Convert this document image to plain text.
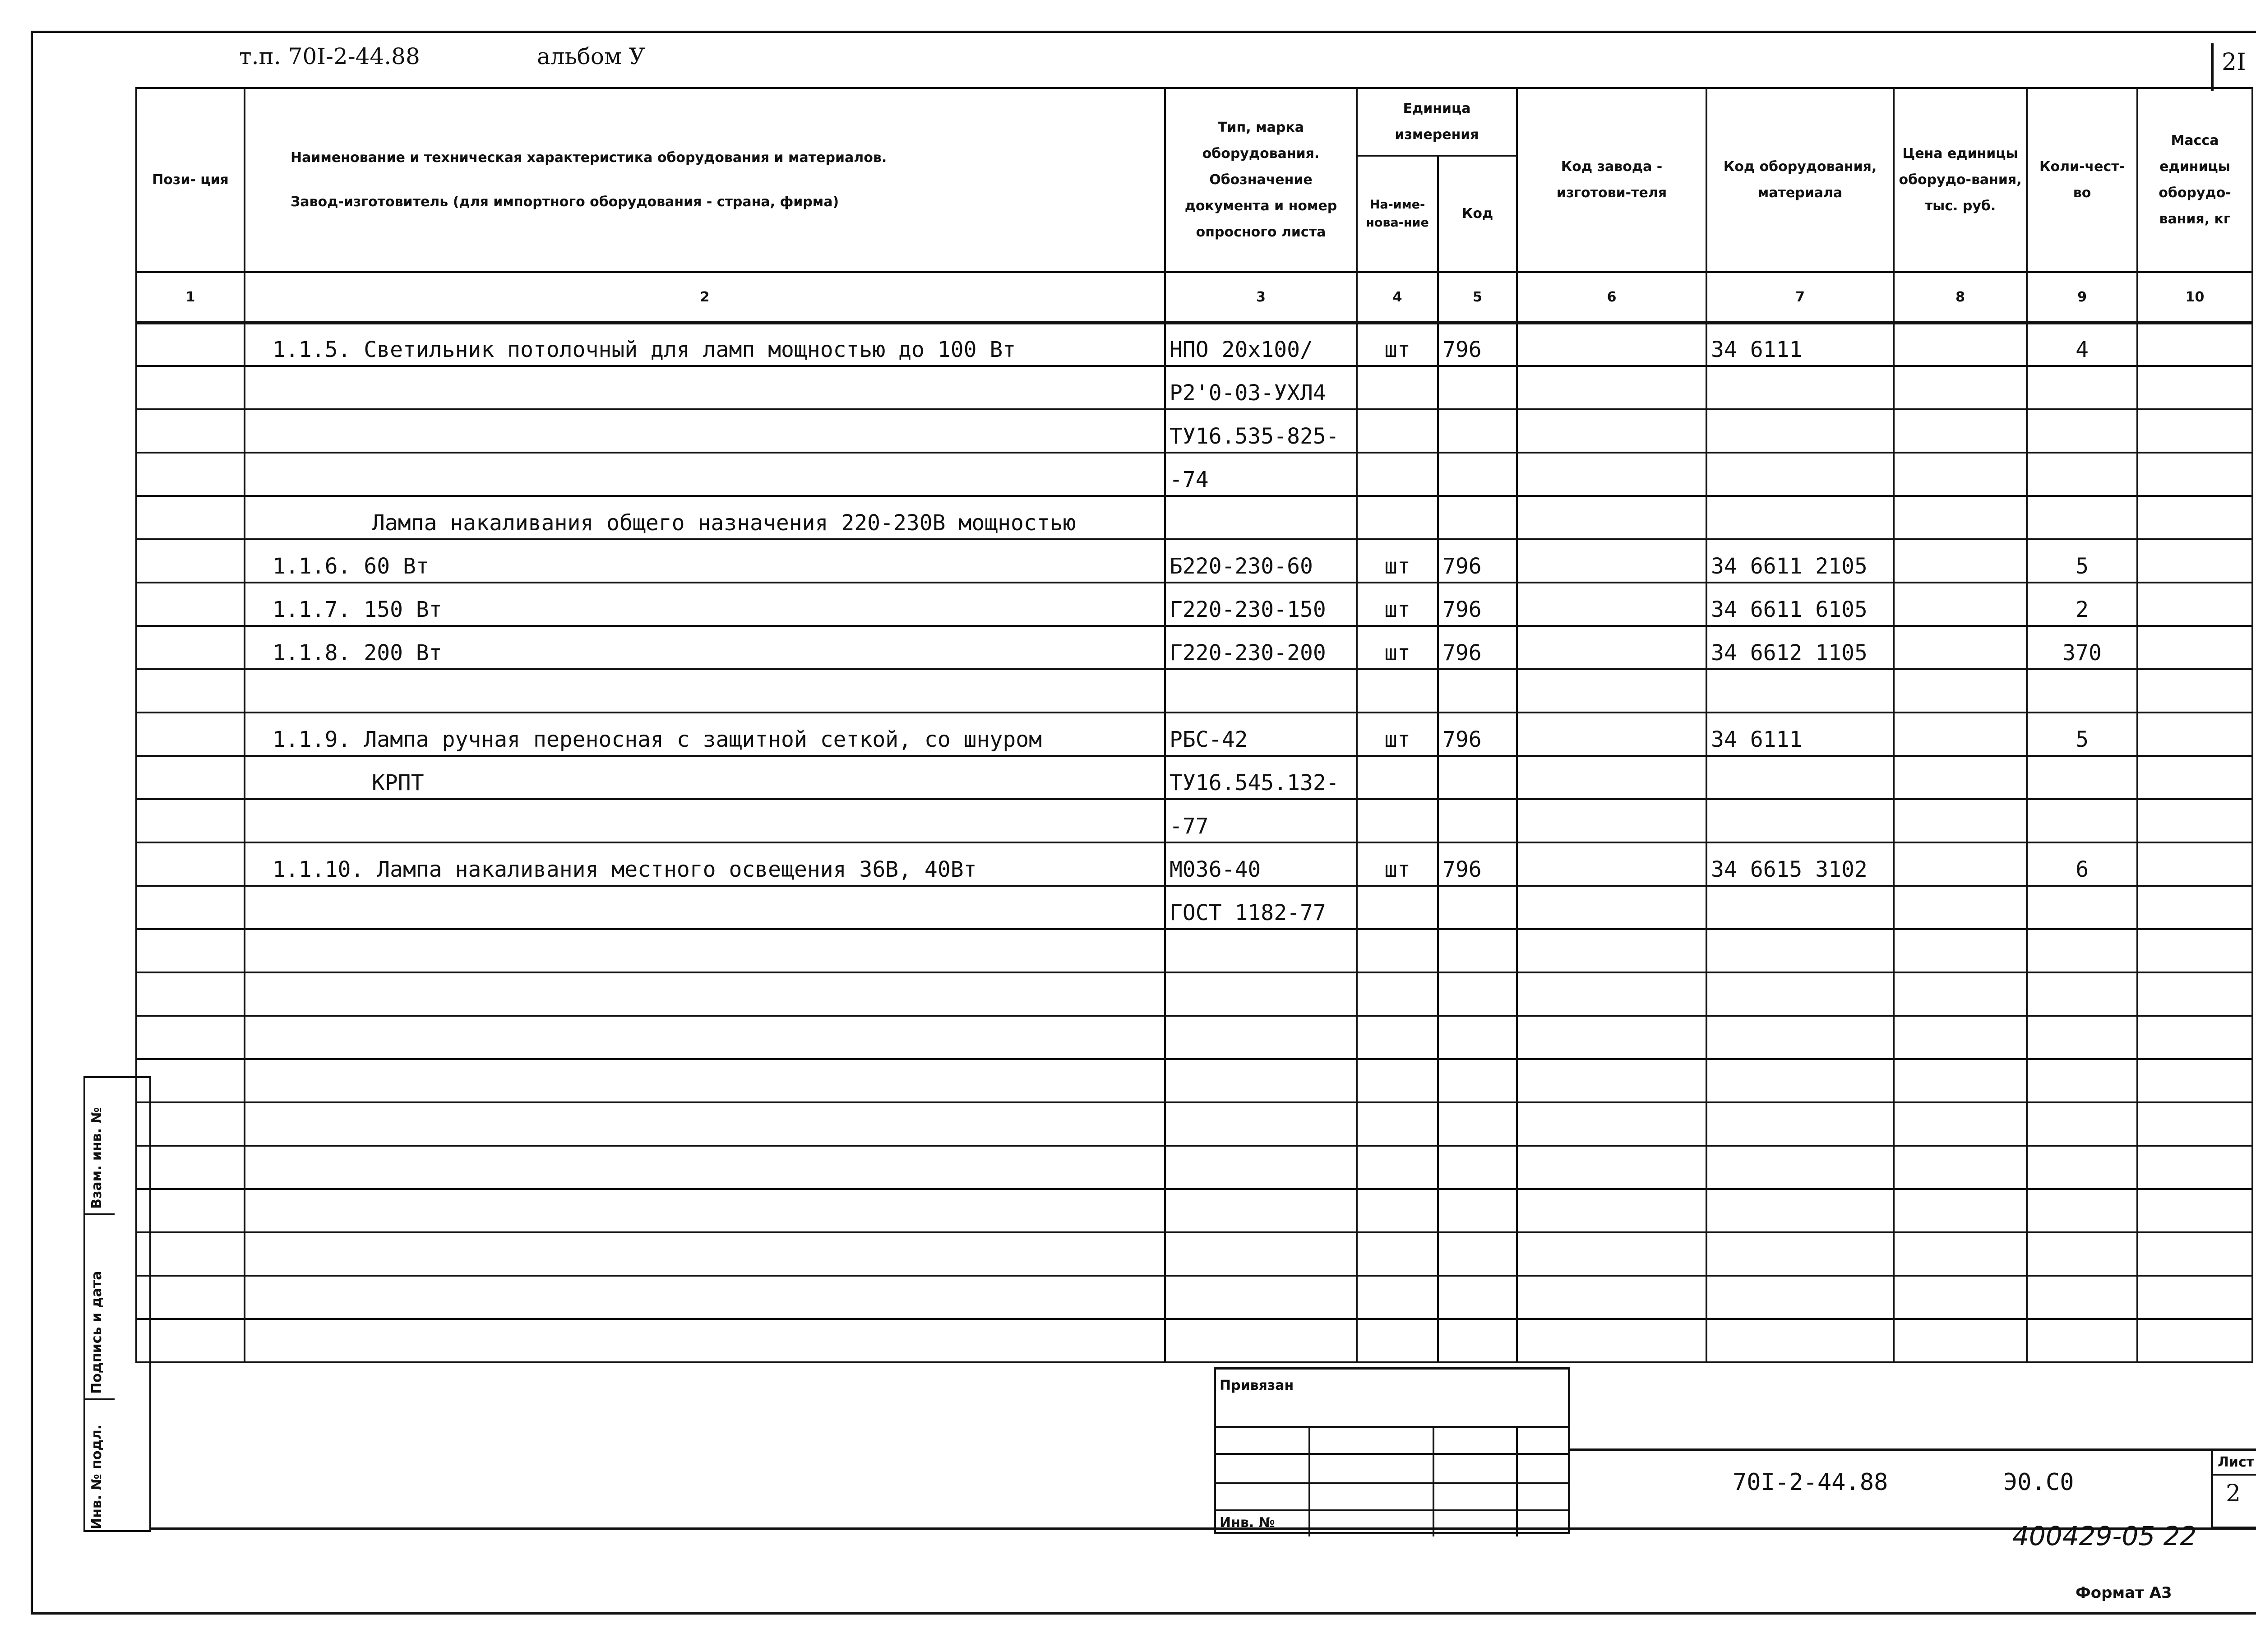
т.п. 70I-2-44.88	альбом У	2I
Пози- ция	Наименование и техническая характеристика оборудования и материалов.
Завод-изготовитель (для импортного оборудования - страна, фирма)	Тип, марка оборудования. Обозначение документа и номер опросного листа	Единица измерения		Код завода - изготови-теля	Код оборудования, материала	Цена единицы оборудо-вания, тыс. руб.	Коли-чест-во	Масса единицы оборудо-вания, кг
			На-име-нова-ние	Код					
1	2	3	4	5	6	7	8	9	10
	1.1.5. Светильник потолочный для ламп мощностью до 100 Вт	НПО 20х100/	шт	796		34 6111		4	
		Р2'0-03-УХЛ4							
		ТУ16.535-825-							
		-74							
	Лампа накаливания общего назначения 220-230В мощностью								
	1.1.6. 60 Вт	Б220-230-60	шт	796		34 6611 2105		5	
	1.1.7. 150 Вт	Г220-230-150	шт	796		34 6611 6105		2	
	1.1.8. 200 Вт	Г220-230-200	шт	796		34 6612 1105		370	

	1.1.9. Лампа ручная переносная с защитной сеткой, со шнуром	РБС-42	шт	796		34 6111		5	
	КРПТ	ТУ16.545.132-							
		-77							
	1.1.10. Лампа накаливания местного освещения 36В, 40Вт	М036-40	шт	796		34 6615 3102		6	
		ГОСТ 1182-77							

Взам. инв. №
Подпись и дата
Инв. № подл.
Привязан
Инв. №
70I-2-44.88	Э0.С0
Лист
2
400429-05 22
Формат А3
